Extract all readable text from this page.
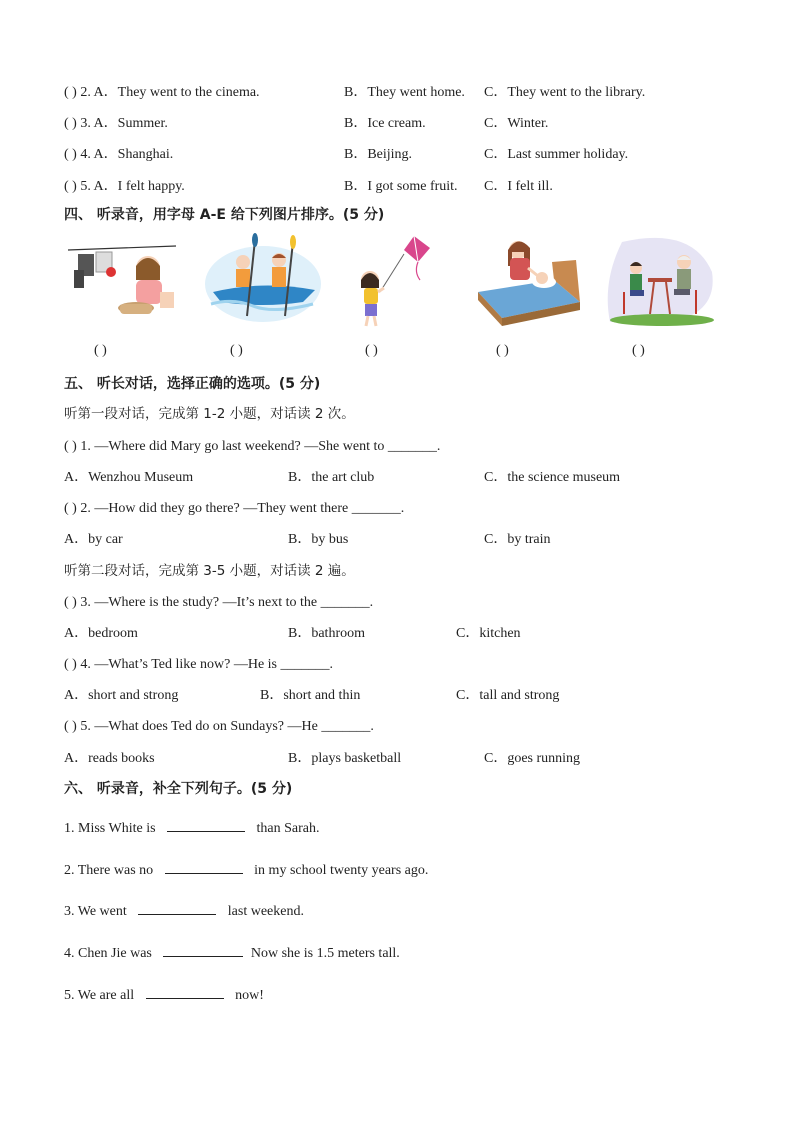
( ) 2. A．They went to the cinema.	B．They went home. C．They went to the library.
( ) 3. A．Summer.	B．Ice cream.	C．Winter.
( ) 4. A．Shanghai.	B．Beijing.	C．Last summer holiday.
( ) 5. A．I felt happy.	B．I got some fruit. C．I felt ill.
四、 听录音，用字母 A-E 给下列图片排序。(5 分)
( )	( )	( )	( )	( )
五、 听长对话，选择正确的选项。(5 分)
听第一段对话，完成第 1-2 小题，对话读 2 次。
( ) 1. —Where did Mary go last weekend? —She went to _______.
A．Wenzhou Museum	B．the art club	C．the science museum
( ) 2. —How did they go there? —They went there _______.
A．by car	B．by bus	C．by train
听第二段对话，完成第 3-5 小题，对话读 2 遍。
( ) 3. —Where is the study? —It’s next to the _______.
A．bedroom	B．bathroom	C．kitchen
( ) 4. —What’s Ted like now? —He is _______.
A．short and strong	B．short and thin	C．tall and strong
( ) 5. —What does Ted do on Sundays? —He _______.
A．reads books	B．plays basketball	C．goes running
六、 听录音，补全下列句子。(5 分)
1. Miss White is	than Sarah.
2. There was no	in my school twenty years ago.
3. We went	last weekend.
4. Chen Jie was	Now she is 1.5 meters tall.
5. We are all	now!
